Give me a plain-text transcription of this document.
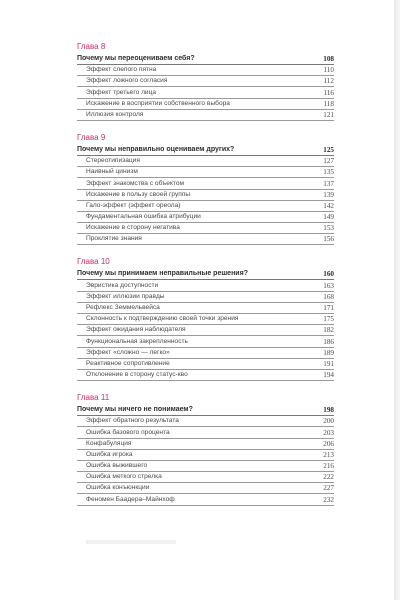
Глава 8
Почему мы переоцениваем себя?	108
Эффект слепого пятна	110
Эффект ложного согласия	112
Эффект третьего лица	116
Искажение в восприятии собственного выбора	118
Иллюзия контроля	121
Глава 9
Почему мы неправильно оцениваем других?	125
Стереотипизация	127
Наивный цинизм	135
Эффект знакомства с объектом	137
Искажение в пользу своей группы	139
Гало-эффект (эффект ореола)	142
Фундаментальная ошибка атрибуции	149
Искажение в сторону негатива	153
Проклятие знания	156
Глава 10
Почему мы принимаем неправильные решения?	160
Эвристика доступности	163
Эффект иллюзии правды	168
Рефлекс Земмельвейса	171
Склонность к подтверждению своей точки зрения	175
Эффект ожидания наблюдателя	182
Функциональная закрепленность	186
Эффект «сложно — легко»	189
Реактивное сопротивление	191
Отклонение в сторону статус-кво	194
Глава 11
Почему мы ничего не понимаем?	198
Эффект обратного результата	200
Ошибка базового процента	203
Конфабуляция	206
Ошибка игрока	213
Ошибка выжившего	216
Ошибка меткого стрелка	222
Ошибка конъюнкции	227
Феномен Баадера–Майнхоф	232
